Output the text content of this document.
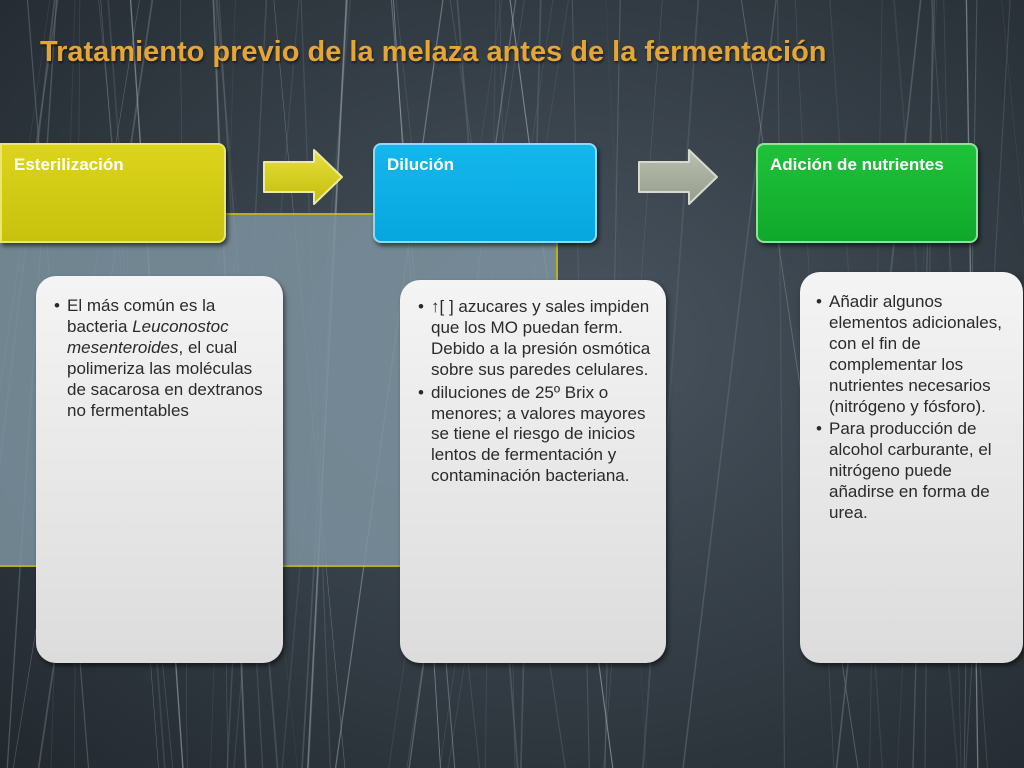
Tratamiento previo de la melaza antes de la fermentación
Esterilización	Dilución	Adición de nutrientes
• El más común es la bacteria Leuconostoc mesenteroides, el cual polimeriza las moléculas de sacarosa en dextranos no fermentables
• ↑[ ] azucares y sales impiden que los MO puedan ferm. Debido a la presión osmótica sobre sus paredes celulares.
• diluciones de 25º Brix o menores; a valores mayores se tiene el riesgo de inicios lentos de fermentación y contaminación bacteriana.
• Añadir algunos elementos adicionales, con el fin de complementar los nutrientes necesarios (nitrógeno y fósforo).
• Para producción de alcohol carburante, el nitrógeno puede añadirse en forma de urea.
